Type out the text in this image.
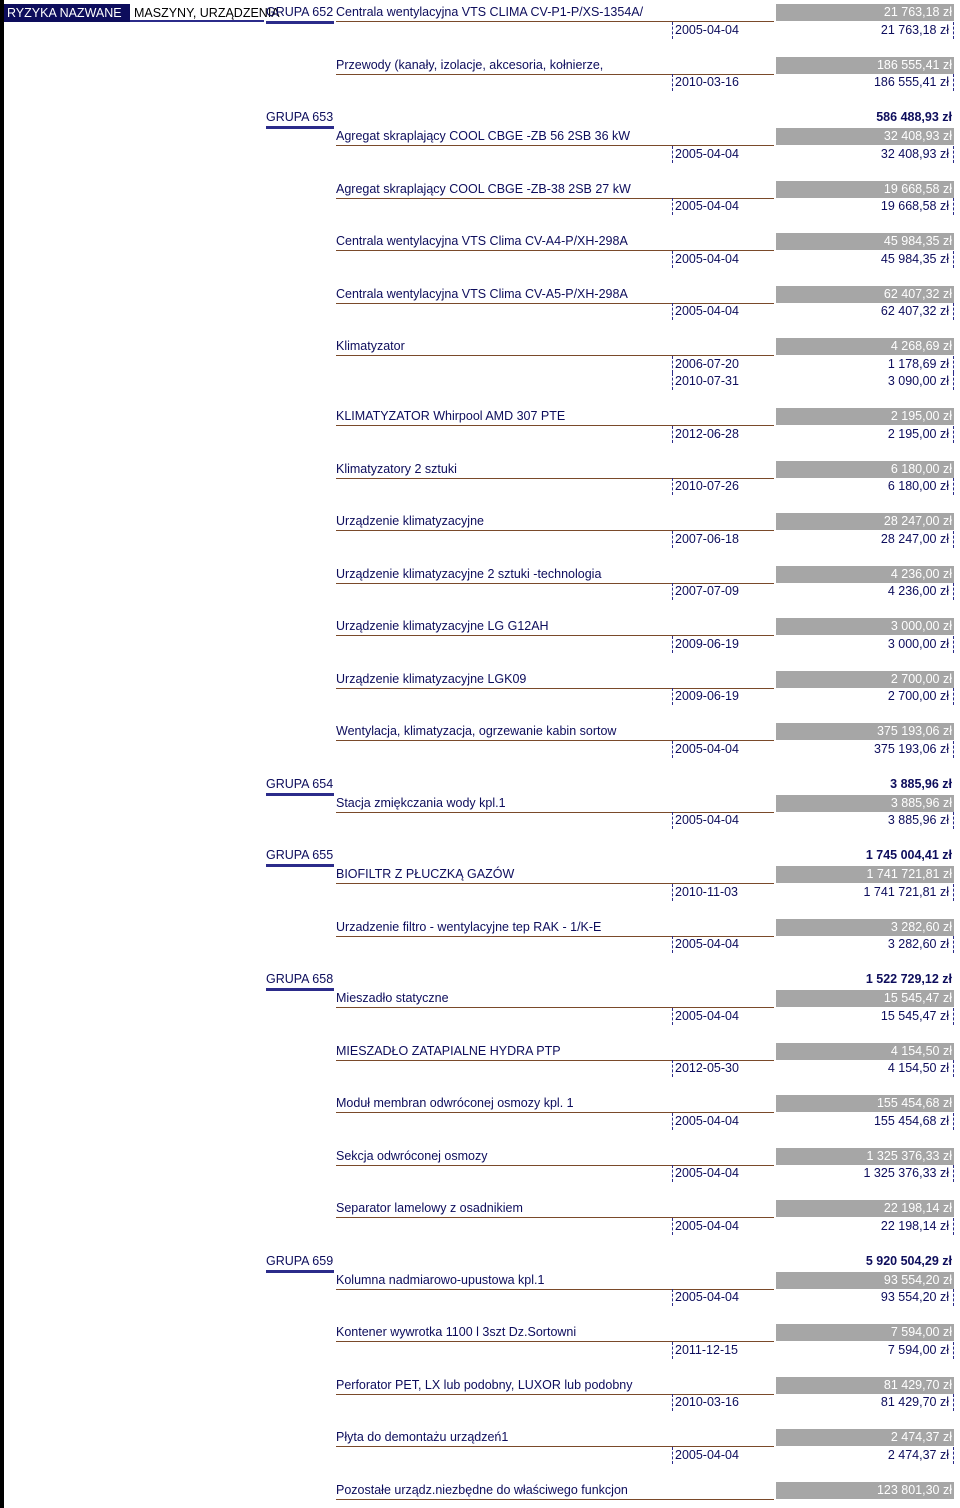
RYZYKA NAZWANE MASZYNY, URZĄDZENIA
GRUPA 652 Centrala wentylacyjna VTS CLIMA CV-P1-P/XS-1354A/	21 763,18 zł
2005-04-04	21 763,18 zł
Przewody (kanały, izolacje, akcesoria, kołnierze,	186 555,41 zł
2010-03-16	186 555,41 zł
GRUPA 653	586 488,93 zł
Agregat skraplający COOL CBGE -ZB 56 2SB 36 kW	32 408,93 zł
2005-04-04	32 408,93 zł
Agregat skraplający COOL CBGE -ZB-38 2SB 27 kW	19 668,58 zł
2005-04-04	19 668,58 zł
Centrala wentylacyjna VTS Clima CV-A4-P/XH-298A	45 984,35 zł
2005-04-04	45 984,35 zł
Centrala wentylacyjna VTS Clima CV-A5-P/XH-298A	62 407,32 zł
2005-04-04	62 407,32 zł
Klimatyzator	4 268,69 zł
2006-07-20	1 178,69 zł
2010-07-31	3 090,00 zł
KLIMATYZATOR Whirpool AMD 307 PTE	2 195,00 zł
2012-06-28	2 195,00 zł
Klimatyzatory 2 sztuki	6 180,00 zł
2010-07-26	6 180,00 zł
Urządzenie klimatyzacyjne	28 247,00 zł
2007-06-18	28 247,00 zł
Urządzenie klimatyzacyjne 2 sztuki -technologia	4 236,00 zł
2007-07-09	4 236,00 zł
Urządzenie klimatyzacyjne LG G12AH	3 000,00 zł
2009-06-19	3 000,00 zł
Urządzenie klimatyzacyjne LGK09	2 700,00 zł
2009-06-19	2 700,00 zł
Wentylacja, klimatyzacja, ogrzewanie kabin sortow	375 193,06 zł
2005-04-04	375 193,06 zł
GRUPA 654	3 885,96 zł
Stacja zmiękczania wody kpl.1	3 885,96 zł
2005-04-04	3 885,96 zł
GRUPA 655	1 745 004,41 zł
BIOFILTR Z PŁUCZKĄ GAZÓW	1 741 721,81 zł
2010-11-03	1 741 721,81 zł
Urzadzenie filtro - wentylacyjne tep RAK - 1/K-E	3 282,60 zł
2005-04-04	3 282,60 zł
GRUPA 658	1 522 729,12 zł
Mieszadło statyczne	15 545,47 zł
2005-04-04	15 545,47 zł
MIESZADŁO ZATAPIALNE HYDRA PTP	4 154,50 zł
2012-05-30	4 154,50 zł
Moduł membran odwróconej osmozy kpl. 1	155 454,68 zł
2005-04-04	155 454,68 zł
Sekcja odwróconej osmozy	1 325 376,33 zł
2005-04-04	1 325 376,33 zł
Separator lamelowy z osadnikiem	22 198,14 zł
2005-04-04	22 198,14 zł
GRUPA 659	5 920 504,29 zł
Kolumna nadmiarowo-upustowa kpl.1	93 554,20 zł
2005-04-04	93 554,20 zł
Kontener wywrotka 1100 l 3szt Dz.Sortowni	7 594,00 zł
2011-12-15	7 594,00 zł
Perforator PET, LX lub podobny, LUXOR lub podobny	81 429,70 zł
2010-03-16	81 429,70 zł
Płyta do demontażu urządzeń1	2 474,37 zł
2005-04-04	2 474,37 zł
Pozostałe urządz.niezbędne do właściwego funkcjon	123 801,30 zł
